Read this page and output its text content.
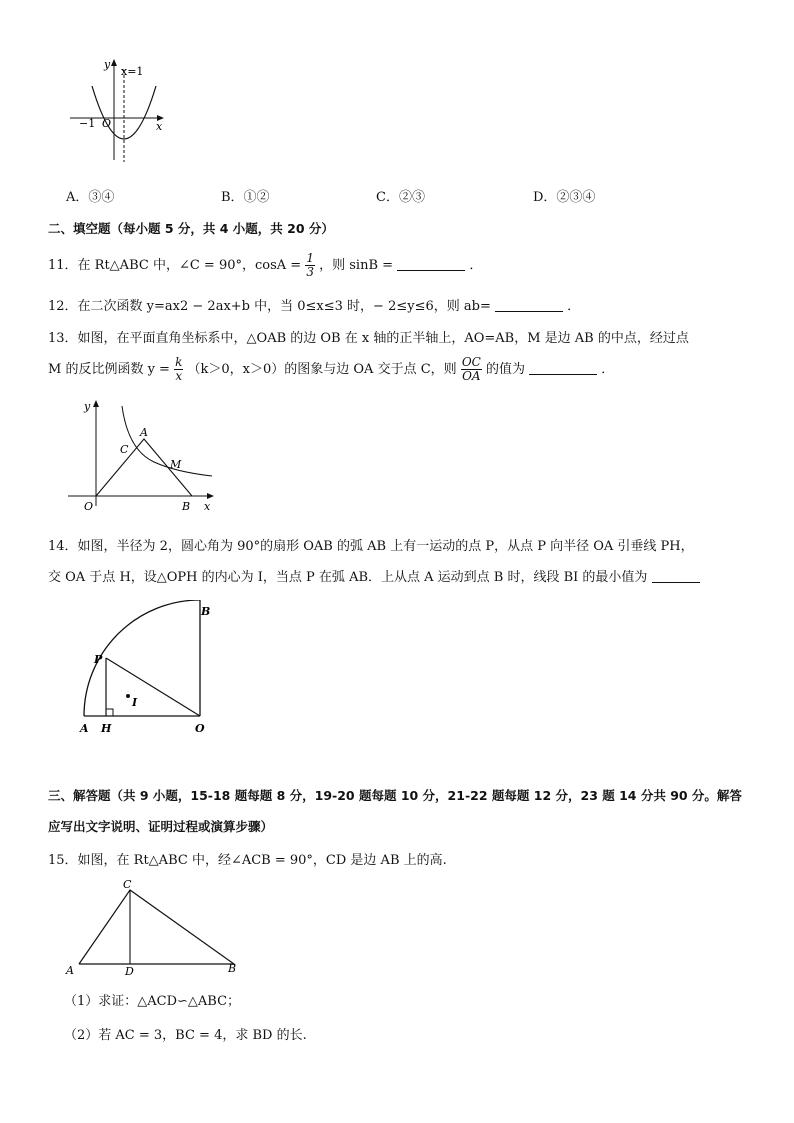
y
x=1
−1 O	x
A．③④	B．①②	C．②③	D．②③④
二、填空题（每小题 5 分，共 4 小题，共 20 分）
11．在 Rt△ABC 中，∠C = 90°，$\cos A = \frac{1}{3}$ ，则 sinB =	．
12．在二次函数 y=ax2 − 2ax+b 中，当 0≤x≤3 时，− 2≤y≤6，则 ab=	．
13．如图，在平面直角坐标系中，△OAB 的边 OB 在 x 轴的正半轴上，AO=AB，M 是边 AB 的中点，经过点
M 的反比例函数 $y = \frac{k}{x} (k>0$，x＞0）的图象与边 OA 交于点 C，则 $\frac{OC}{OA}$ 的值为	．
y
A
C
M
O	B x
14．如图，半径为 2，圆心角为 90°的扇形 OAB 的弧 AB 上有一运动的点 P，从点 P 向半径 OA 引垂线 PH，
交 OA 于点 H，设△OPH 的内心为 I，当点 P 在弧 AB．上从点 A 运动到点 B 时，线段 BI 的最小值为
B
P
I
A H	O
三、解答题（共 9 小题，15-18 题每题 8 分，19-20 题每题 10 分，21-22 题每题 12 分，23 题 14 分共 90 分。解答
应写出文字说明、证明过程或演算步骤）
15．如图，在 Rt△ABC 中，经∠ACB = 90°，CD 是边 AB 上的高.
C
A	D	B
（1）求证：△ACD∽△ABC；
（2）若 AC = 3，BC = 4，求 BD 的长.
